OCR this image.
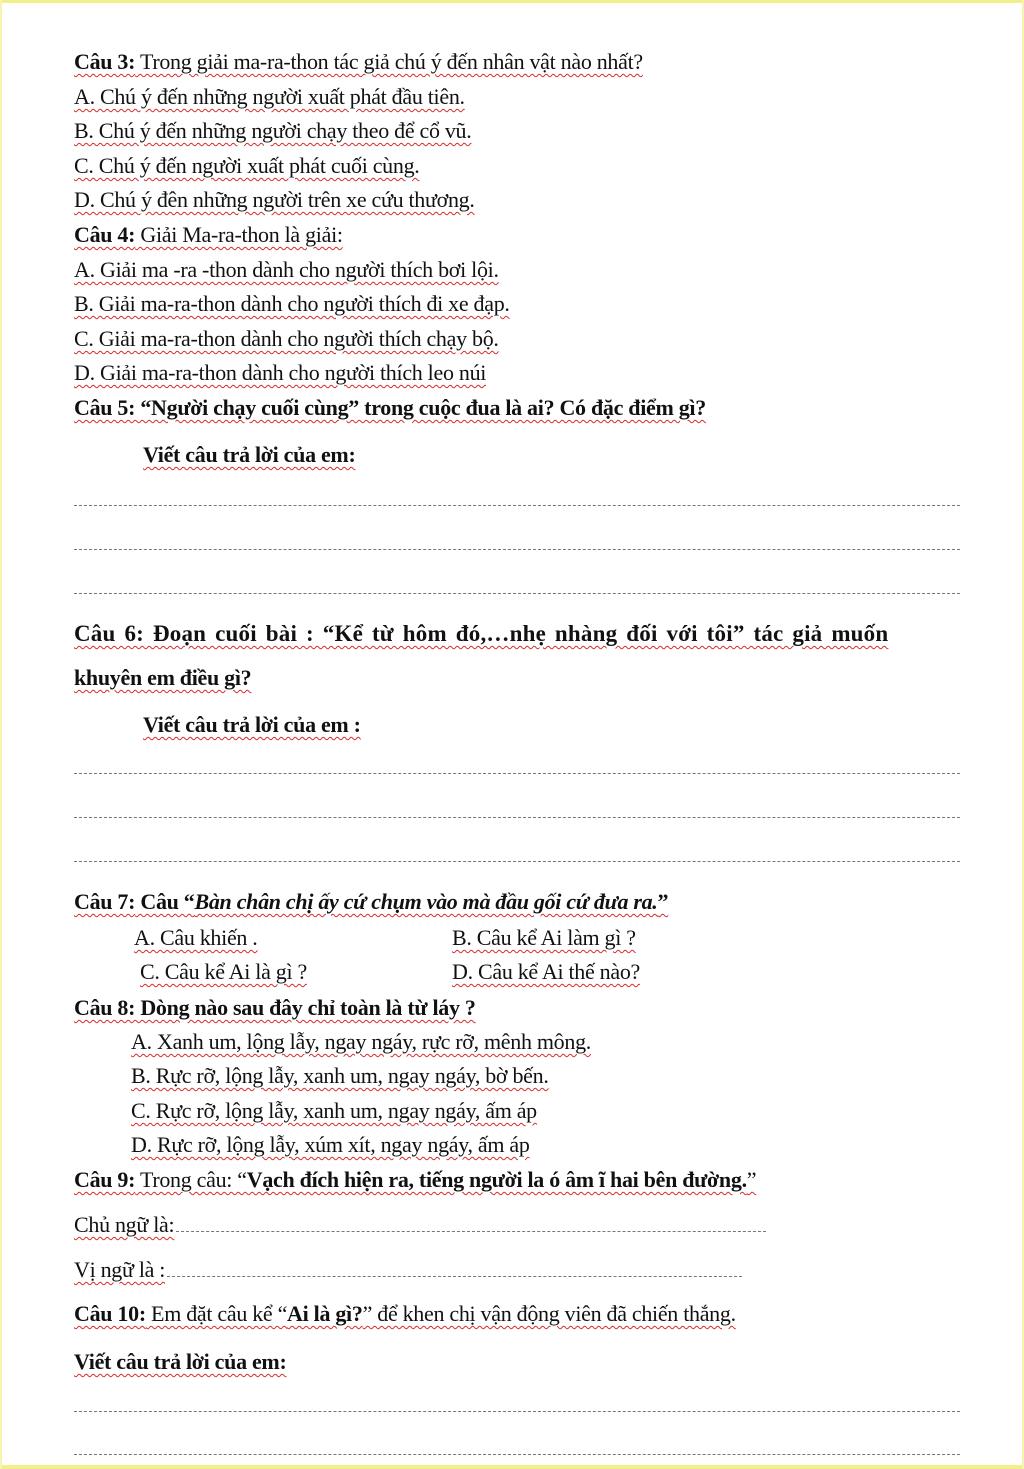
Câu 3: Trong giải ma-ra-thon tác giả chú ý đến nhân vật nào nhất?
A. Chú ý đến những người xuất phát đầu tiên.
B. Chú ý đến những người chạy theo để cổ vũ.
C. Chú ý đến người xuất phát cuối cùng.
D. Chú ý đên những người trên xe cứu thương.
Câu 4: Giải Ma-ra-thon là giải:
A. Giải ma -ra -thon dành cho người thích bơi lội.
B. Giải ma-ra-thon dành cho người thích đi xe đạp.
C. Giải ma-ra-thon dành cho người thích chạy bộ.
D. Giải ma-ra-thon dành cho người thích leo núi
Câu 5: “Người chạy cuối cùng” trong cuộc đua là ai? Có đặc điểm gì?
Viết câu trả lời của em:
Câu 6: Đoạn cuối bài : “Kể từ hôm đó,…nhẹ nhàng đối với tôi” tác giả muốn
khuyên em điều gì?
Viết câu trả lời của em :
Câu 7: Câu “Bàn chân chị ấy cứ chụm vào mà đầu gối cứ đưa ra.”
A. Câu khiến .	B. Câu kể Ai làm gì ?
C. Câu kể Ai là gì ?	D. Câu kể Ai thế nào?
Câu 8: Dòng nào sau đây chỉ toàn là từ láy ?
A. Xanh um, lộng lẫy, ngay ngáy, rực rỡ, mênh mông.
B. Rực rỡ, lộng lẫy, xanh um, ngay ngáy, bờ bến.
C. Rực rỡ, lộng lẫy, xanh um, ngay ngáy, ấm áp
D. Rực rỡ, lộng lẫy, xúm xít, ngay ngáy, ấm áp
Câu 9: Trong câu: “Vạch đích hiện ra, tiếng người la ó âm ĩ hai bên đường.”
Chủ ngữ là:
Vị ngữ là :
Câu 10: Em đặt câu kể “Ai là gì?” để khen chị vận động viên đã chiến thắng.
Viết câu trả lời của em:
